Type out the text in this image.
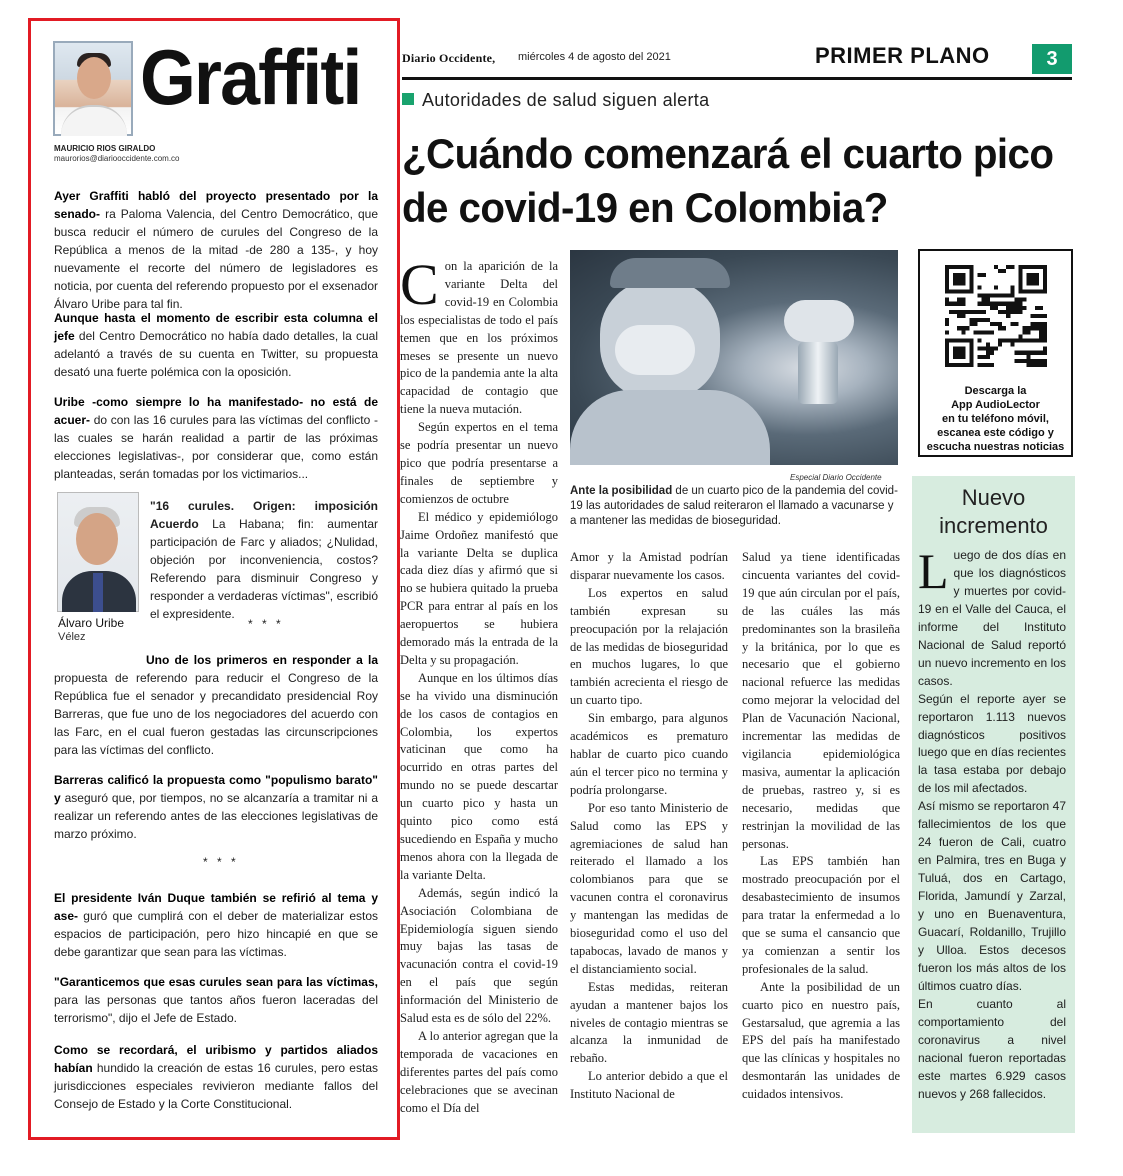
Graffiti
MAURICIO RIOS GIRALDO
maurorios@diariooccidente.com.co
Ayer Graffiti habló del proyecto presentado por la senado- ra Paloma Valencia, del Centro Democrático, que busca reducir el número de curules del Congreso de la República a menos de la mitad -de 280 a 135-, y hoy nuevamente el recorte del número de legisladores es noticia, por cuenta del referendo propuesto por el exsenador Álvaro Uribe para tal fin.
Aunque hasta el momento de escribir esta columna el jefe del Centro Democrático no había dado detalles, la cual adelantó a través de su cuenta en Twitter, su propuesta desató una fuerte polémica con la oposición.
Uribe -como siempre lo ha manifestado- no está de acuer- do con las 16 curules para las víctimas del conflicto -las cuales se harán realidad a partir de las próximas elecciones legislativas-, por considerar que, como están planteadas, serán tomadas por los victimarios...
"16 curules. Origen: imposición Acuerdo La Habana; fin: aumentar participación de Farc y aliados; ¿Nulidad, objeción por inconveniencia, costos? Referendo para disminuir Congreso y responder a verdaderas víctimas", escribió el expresidente.
Álvaro Uribe
Vélez
* * *
Uno de los primeros en responder a la propuesta de referendo para reducir el Congreso de la República fue el senador y precandidato presidencial Roy Barreras, que fue uno de los negociadores del acuerdo con las Farc, en el cual fueron gestadas las circunscripciones para las víctimas del conflicto.
Barreras calificó la propuesta como "populismo barato" y aseguró que, por tiempos, no se alcanzaría a tramitar ni a realizar un referendo antes de las elecciones legislativas de marzo próximo.
* * *
El presidente Iván Duque también se refirió al tema y ase- guró que cumplirá con el deber de materializar estos espacios de participación, pero hizo hincapié en que se debe garantizar que sean para las víctimas.
"Garanticemos que esas curules sean para las víctimas, para las personas que tantos años fueron laceradas del terrorismo", dijo el Jefe de Estado.
Como se recordará, el uribismo y partidos aliados habían hundido la creación de estas 16 curules, pero estas jurisdicciones especiales revivieron mediante fallos del Consejo de Estado y la Corte Constitucional.
Diario Occidente, miércoles 4 de agosto del 2021	PRIMER PLANO	3
Autoridades de salud siguen alerta
¿Cuándo comenzará el cuarto pico de covid-19 en Colombia?

Con la aparición de la variante Delta del covid-19 en Colombia los especialistas de todo el país temen que en los próximos meses se presente un nuevo pico de la pandemia ante la alta capacidad de contagio que tiene la nueva mutación.

Según expertos en el tema se podría presentar un nuevo pico que podría presentarse a finales de septiembre y comienzos de octubre

El médico y epidemiólogo Jaime Ordoñez manifestó que la variante Delta se duplica cada diez días y afirmó que si no se hubiera quitado la prueba PCR para entrar al país en los aeropuertos se hubiera demorado más la entrada de la Delta y su propagación.

Aunque en los últimos días se ha vivido una disminución de los casos de contagios en Colombia, los expertos vaticinan que como ha ocurrido en otras partes del mundo no se puede descartar un cuarto pico y hasta un quinto pico como está sucediendo en España y mucho menos ahora con la llegada de la variante Delta.

Además, según indicó la Asociación Colombiana de Epidemiología siguen siendo muy bajas las tasas de vacunación contra el covid-19 en el país que según información del Ministerio de Salud esta es de sólo del 22%.

A lo anterior agregan que la temporada de vacaciones en diferentes partes del país como celebraciones que se avecinan como el Día del

Especial Diario Occidente
Ante la posibilidad de un cuarto pico de la pandemia del covid-19 las autoridades de salud reiteraron el llamado a vacunarse y a mantener las medidas de bioseguridad.

Amor y la Amistad podrían disparar nuevamente los casos.

Los expertos en salud también expresan su preocupación por la relajación de las medidas de bioseguridad en muchos lugares, lo que también acrecienta el riesgo de un cuarto tipo.

Sin embargo, para algunos académicos es prematuro hablar de cuarto pico cuando aún el tercer pico no termina y podría prolongarse.

Por eso tanto Ministerio de Salud como las EPS y agremiaciones de salud han reiterado el llamado a los colombianos para que se vacunen contra el coronavirus y mantengan las medidas de bioseguridad como el uso del tapabocas, lavado de manos y el distanciamiento social.

Estas medidas, reiteran ayudan a mantener bajos los niveles de contagio mientras se alcanza la inmunidad de rebaño.

Lo anterior debido a que el Instituto Nacional de

Salud ya tiene identificadas cincuenta variantes del covid-19 que aún circulan por el país, de las cuáles las más predominantes son la brasileña y la británica, por lo que es necesario que el gobierno nacional refuerce las medidas como mejorar la velocidad del Plan de Vacunación Nacional, incrementar las medidas de vigilancia epidemiológica masiva, aumentar la aplicación de pruebas, rastreo y, si es necesario, medidas que restrinjan la movilidad de las personas.

Las EPS también han mostrado preocupación por el desabastecimiento de insumos para tratar la enfermedad a lo que se suma el cansancio que ya comienzan a sentir los profesionales de la salud.

Ante la posibilidad de un cuarto pico en nuestro país, Gestarsalud, que agremia a las EPS del país ha manifestado que las clínicas y hospitales no desmontarán las unidades de cuidados intensivos.

Descarga la
App AudioLector
en tu teléfono móvil,
escanea este código y
escucha nuestras noticias
Nuevo
incremento

Luego de dos días en que los diagnósticos y muertes por covid-19 en el Valle del Cauca, el informe del Instituto Nacional de Salud reportó un nuevo incremento en los casos.

Según el reporte ayer se reportaron 1.113 nuevos diagnósticos positivos luego que en días recientes la tasa estaba por debajo de los mil afectados.

Así mismo se reportaron 47 fallecimientos de los que 24 fueron de Cali, cuatro en Palmira, tres en Buga y Tuluá, dos en Cartago, Florida, Jamundí y Zarzal, y uno en Buenaventura, Guacarí, Roldanillo, Trujillo y Ulloa. Estos decesos fueron los más altos de los últimos cuatro días.

En cuanto al comportamiento del coronavirus a nivel nacional fueron reportadas este martes 6.929 casos nuevos y 268 fallecidos.
